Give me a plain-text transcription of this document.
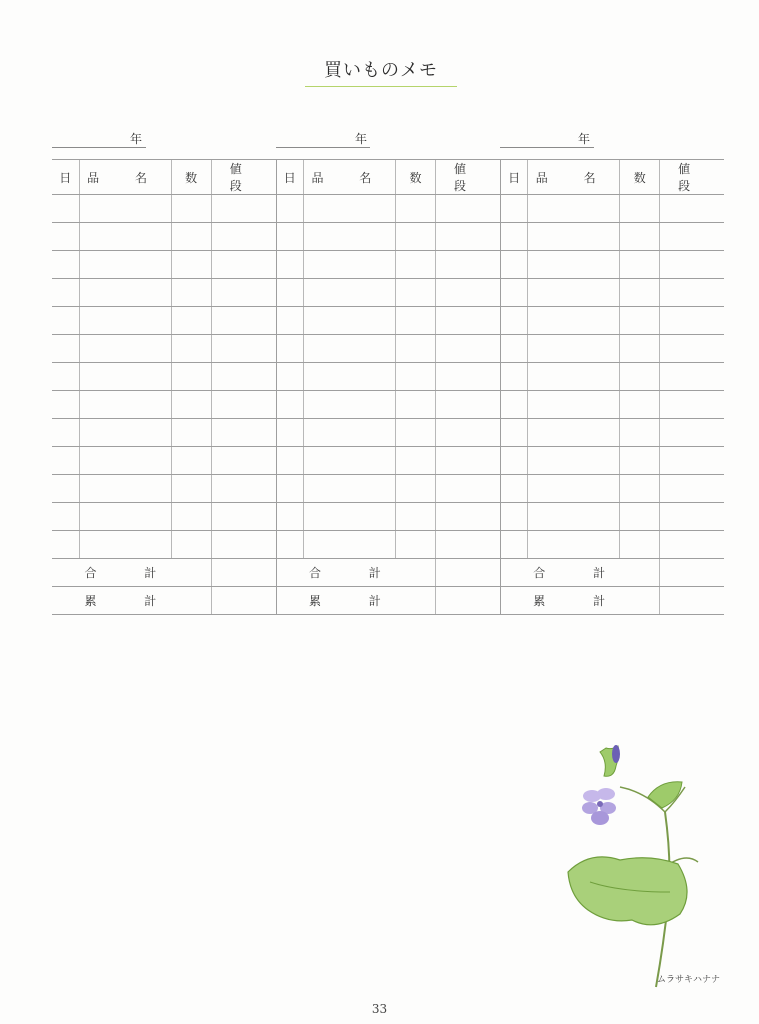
買いものメモ
年	年	年
日	品 名	数	値 段	日	品 名	数	値 段	日	品 名	数	値 段

合 計				合 計				合 計			
累 計				累 計				累 計			
ムラサキハナナ
33
